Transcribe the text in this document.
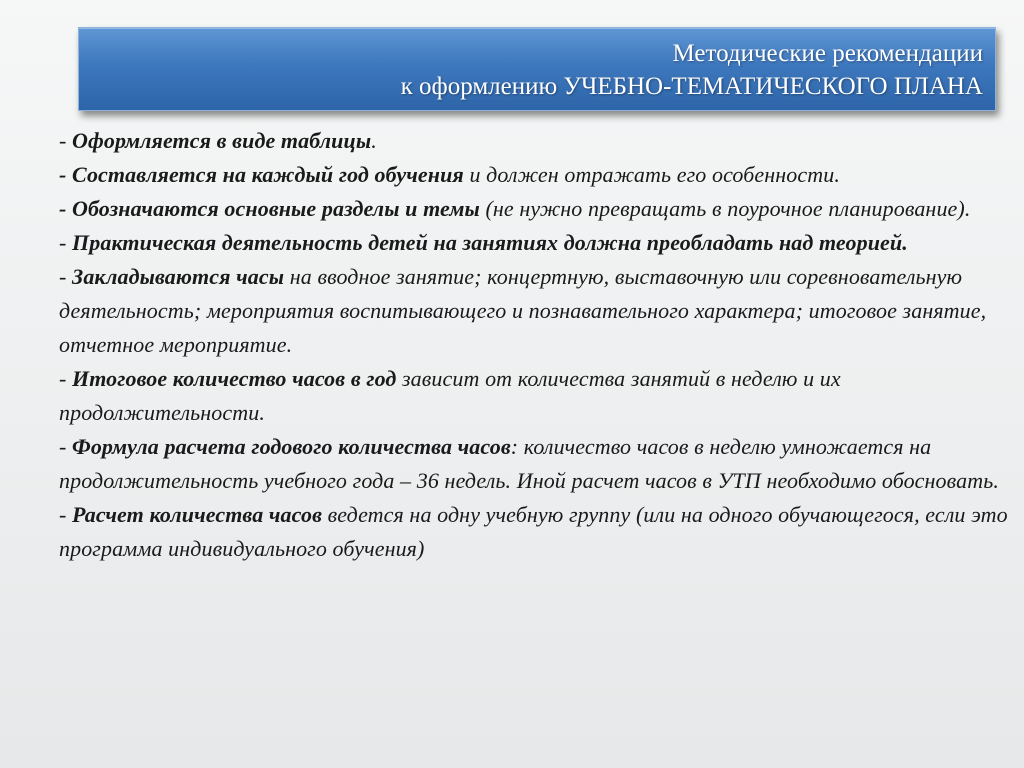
Методические рекомендации
к оформлению УЧЕБНО-ТЕМАТИЧЕСКОГО ПЛАНА

- Оформляется в виде таблицы.

- Составляется на каждый год обучения и должен отражать его особенности.

- Обозначаются основные разделы и темы (не нужно превращать в поурочное планирование).

- Практическая деятельность детей на занятиях должна преобладать над теорией.

- Закладываются часы на вводное занятие; концертную, выставочную или соревновательную деятельность; мероприятия воспитывающего и познавательного характера; итоговое занятие, отчетное мероприятие.

- Итоговое количество часов в год зависит от количества занятий в неделю и их продолжительности.

- Формула расчета годового количества часов: количество часов в неделю умножается на продолжительность учебного года – 36 недель. Иной расчет часов в УТП необходимо обосновать.

- Расчет количества часов ведется на одну учебную группу (или на одного обучающегося, если это программа индивидуального обучения)
